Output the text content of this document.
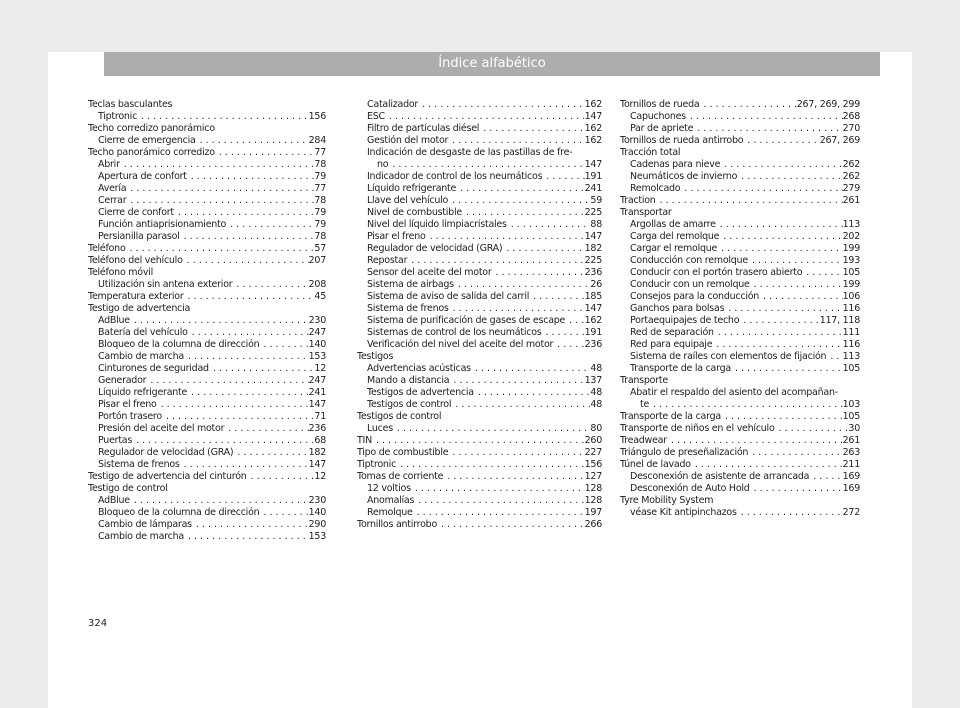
Índice alfabético
Teclas basculantes
Tiptronic . . .	156
Techo corredizo panorámico
Cierre de emergencia . . .	284
Techo panorámico corredizo . . .	77
Abrir . . .	78
Apertura de confort . . .	79
Avería . . .	77
Cerrar . . .	78
Cierre de confort . . .	79
Función antiaprisionamiento . . .	79
Persianilla parasol . . .	78
Teléfono . . .	57
Teléfono del vehículo . . .	207
Teléfono móvil
Utilización sin antena exterior . . .	208
Temperatura exterior . . .	45
Testigo de advertencia
AdBlue . . .	230
Batería del vehículo . . .	247
Bloqueo de la columna de dirección . . .	140
Cambio de marcha . . .	153
Cinturones de seguridad . . .	12
Generador . . .	247
Líquido refrigerante . . .	241
Pisar el freno . . .	147
Portón trasero . . .	71
Presión del aceite del motor . . .	236
Puertas . . .	68
Regulador de velocidad (GRA) . . .	182
Sistema de frenos . . .	147
Testigo de advertencia del cinturón . . .	12
Testigo de control
AdBlue . . .	230
Bloqueo de la columna de dirección . . .	140
Cambio de lámparas . . .	290
Cambio de marcha . . .	153
Catalizador . . .	162
ESC . . .	147
Filtro de partículas diésel . . .	162
Gestión del motor . . .	162
Indicación de desgaste de las pastillas de fre-
no . . .	147
Indicador de control de los neumáticos . . .	191
Líquido refrigerante . . .	241
Llave del vehículo . . .	59
Nivel de combustible . . .	225
Nivel del líquido limpiacristales . . .	88
Pisar el freno . . .	147
Regulador de velocidad (GRA) . . .	182
Repostar . . .	225
Sensor del aceite del motor . . .	236
Sistema de airbags . . .	26
Sistema de aviso de salida del carril . . .	185
Sistema de frenos . . .	147
Sistema de purificación de gases de escape . . . 162
Sistemas de control de los neumáticos . . .	191
Verificación del nivel del aceite del motor . . .	236
Testigos
Advertencias acústicas . . .	48
Mando a distancia . . .	137
Testigos de advertencia . . .	48
Testigos de control . . .	48
Testigos de control
Luces . . .	80
TIN . . .	260
Tipo de combustible . . .	227
Tiptronic . . .	156
Tomas de corriente . . .	127
12 voltios . . .	128
Anomalías . . .	128
Remolque . . .	197
Tornillos antirrobo . . .	266
Tornillos de rueda . . .	267, 269, 299
Capuchones . . .	268
Par de apriete . . .	270
Tornillos de rueda antirrobo . . .	267, 269
Tracción total
Cadenas para nieve . . .	262
Neumáticos de invierno . . .	262
Remolcado . . .	279
Traction . . .	261
Transportar
Argollas de amarre . . .	113
Carga del remolque . . .	202
Cargar el remolque . . .	199
Conducción con remolque . . .	193
Conducir con el portón trasero abierto . . .	105
Conducir con un remolque . . .	199
Consejos para la conducción . . .	106
Ganchos para bolsas . . .	116
Portaequipajes de techo . . .	117, 118
Red de separación . . .	111
Red para equipaje . . .	116
Sistema de raíles con elementos de fijación . . . 113
Transporte de la carga . . .	105
Transporte
Abatir el respaldo del asiento del acompañan-
te . . .	103
Transporte de la carga . . .	105
Transporte de niños en el vehículo . . .	30
Treadwear . . .	261
Triángulo de preseñalización . . .	263
Túnel de lavado . . .	211
Desconexión de asistente de arrancada . . .	169
Desconexión de Auto Hold . . .	169
Tyre Mobility System
véase Kit antipinchazos . . .	272
324
